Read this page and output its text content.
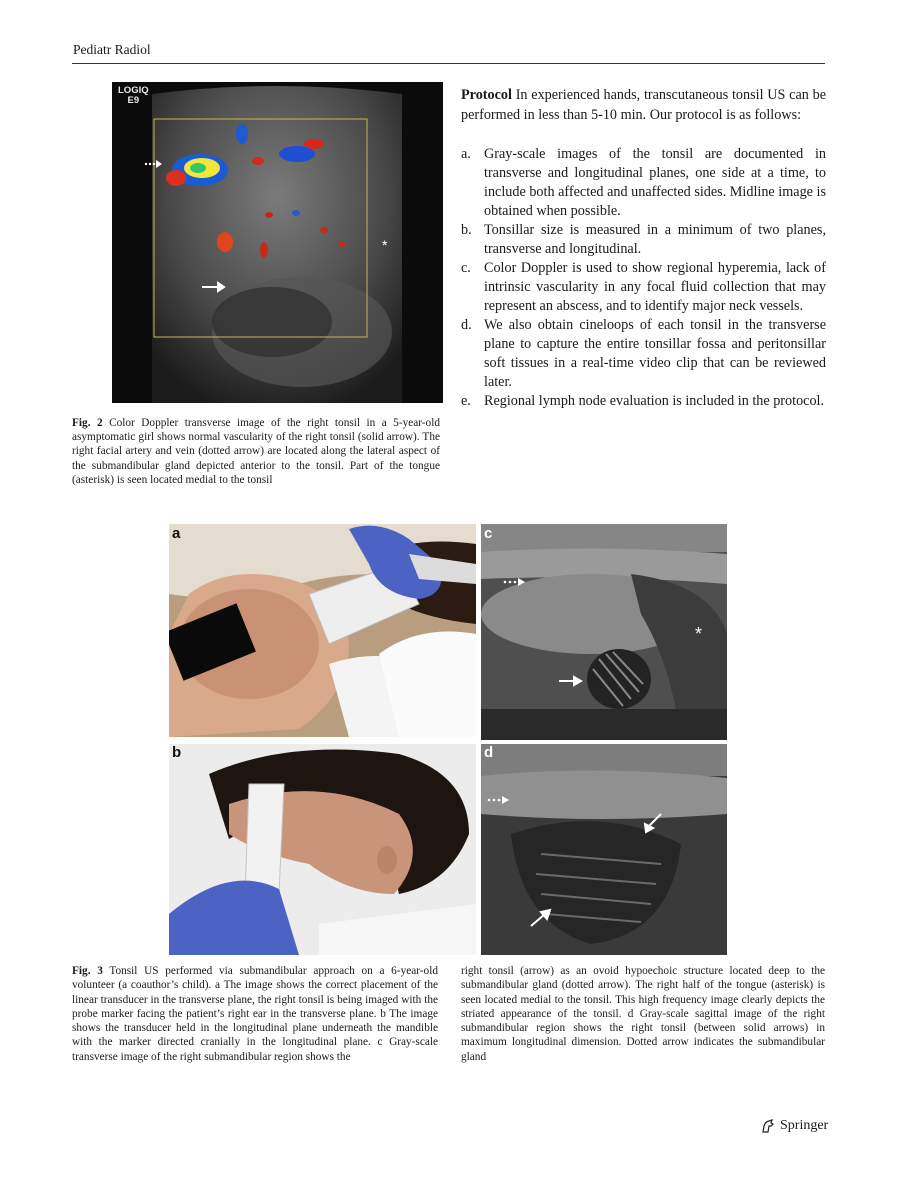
Pediatr Radiol
*
LOGIQ
E9
Fig. 2 Color Doppler transverse image of the right tonsil in a 5-year-old asymptomatic girl shows normal vascularity of the right tonsil (solid arrow). The right facial artery and vein (dotted arrow) are located along the lateral aspect of the submandibular gland depicted anterior to the tonsil. Part of the tongue (asterisk) is seen located medial to the tonsil
Protocol In experienced hands, transcutaneous tonsil US can be performed in less than 5-10 min. Our protocol is as follows:
a. Gray-scale images of the tonsil are documented in transverse and longitudinal planes, one side at a time, to include both affected and unaffected sides. Midline image is obtained when possible.
b. Tonsillar size is measured in a minimum of two planes, transverse and longitudinal.
c. Color Doppler is used to show regional hyperemia, lack of intrinsic vascularity in any focal fluid collection that may represent an abscess, and to identify major neck vessels.
d. We also obtain cineloops of each tonsil in the transverse plane to capture the entire tonsillar fossa and peritonsillar soft tissues in a real-time video clip that can be reviewed later.
e. Regional lymph node evaluation is included in the protocol.
a
b
*
c
d
Fig. 3 Tonsil US performed via submandibular approach on a 6-year-old volunteer (a coauthor’s child). a The image shows the correct placement of the linear transducer in the transverse plane, the right tonsil is being imaged with the probe marker facing the patient’s right ear in the transverse plane. b The image shows the transducer held in the longitudinal plane underneath the mandible with the marker directed cranially in the longitudinal plane. c Gray-scale transverse image of the right submandibular region shows the
right tonsil (arrow) as an ovoid hypoechoic structure located deep to the submandibular gland (dotted arrow). The right half of the tongue (asterisk) is seen located medial to the tonsil. This high frequency image clearly depicts the striated appearance of the tonsil. d Gray-scale sagittal image of the right submandibular region shows the right tonsil (between solid arrows) in maximum longitudinal dimension. Dotted arrow indicates the submandibular gland
Springer
